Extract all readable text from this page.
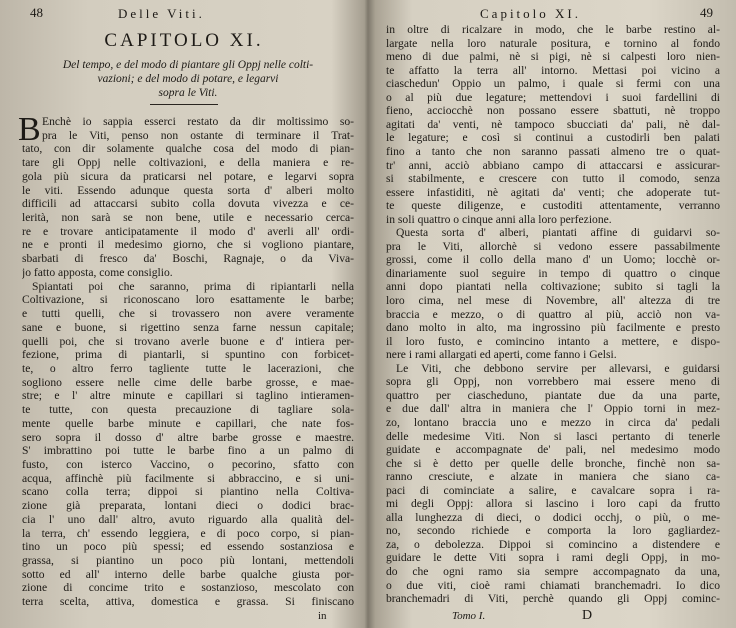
48	Delle Viti.
CAPITOLO XI.
Del tempo, e del modo di piantare gli Oppj nelle colti-
vazioni; e del modo di potare, e legarvi
sopra le Viti.
B Enchè io sappia esserci restato da dir moltissimo so-
pra le Viti, penso non ostante di terminare il Trat-
tato, con dir solamente qualche cosa del modo di pian-
tare gli Oppj nelle coltivazioni, e della maniera e re-
gola più sicura da praticarsi nel potare, e legarvi sopra
le viti. Essendo adunque questa sorta d' alberi molto
difficili ad attaccarsi subito colla dovuta vivezza e ce-
lerità, non sarà se non bene, utile e necessario cerca-
re e trovare anticipatamente il modo d' averli all' ordi-
ne e pronti il medesimo giorno, che si vogliono piantare,
sbarbati di fresco da' Boschi, Ragnaje, o da Viva-
jo fatto apposta, come consiglio.
Spiantati poi che saranno, prima di ripiantarli nella
Coltivazione, si riconoscano loro esattamente le barbe;
e tutti quelli, che si trovassero non avere veramente
sane e buone, si rigettino senza farne nessun capitale;
quelli poi, che si trovano averle buone e d' intiera per-
fezione, prima di piantarli, si spuntino con forbicet-
te, o altro ferro tagliente tutte le lacerazioni, che
sogliono essere nelle cime delle barbe grosse, e mae-
stre; e l' altre minute e capillari si taglino intieramen-
te tutte, con questa precauzione di tagliare sola-
mente quelle barbe minute e capillari, che nate fos-
sero sopra il dosso d' altre barbe grosse e maestre.
S' imbrattino poi tutte le barbe fino a un palmo di
fusto, con isterco Vaccino, o pecorino, sfatto con
acqua, affinchè più facilmente si abbraccino, e si uni-
scano colla terra; dippoi si piantino nella Coltiva-
zione già preparata, lontani dieci o dodici brac-
cia l' uno dall' altro, avuto riguardo alla qualità del-
la terra, ch' essendo leggiera, e di poco corpo, si pian-
tino un poco più spessi; ed essendo sostanziosa e
grassa, si piantino un poco più lontani, mettendoli
sotto ed all' interno delle barbe qualche giusta por-
zione di concime trito e sostanzioso, mescolato con
terra scelta, attiva, domestica e grassa. Si finiscano
in
Capitolo XI.	49
in oltre di ricalzare in modo, che le barbe restino al-
largate nella loro naturale positura, e tornino al fondo
meno di due palmi, nè si pigi, nè si calpesti loro nien-
te affatto la terra all' intorno. Mettasi poi vicino a
ciaschedun' Oppio un palmo, i quale si fermi con una
o al più due legature; mettendovi i suoi fardellini di
fieno, acciocchè non possano essere sbattuti, nè troppo
agitati da' venti, nè tampoco sbucciati da' pali, nè dal-
le legature; e così si continui a custodirli ben palati
fino a tanto che non saranno passati almeno tre o quat-
tr' anni, acciò abbiano campo di attaccarsi e assicurar-
si stabilmente, e crescere con tutto il comodo, senza
essere infastiditi, nè agitati da' venti; che adoperate tut-
te queste diligenze, e custoditi attentamente, verranno
in soli quattro o cinque anni alla loro perfezione.
Questa sorta d' alberi, piantati affine di guidarvi so-
pra le Viti, allorchè si vedono essere passabilmente
grossi, come il collo della mano d' un Uomo; locchè or-
dinariamente suol seguire in tempo di quattro o cinque
anni dopo piantati nella coltivazione; subito si tagli la
loro cima, nel mese di Novembre, all' altezza di tre
braccia e mezzo, o di quattro al più, acciò non va-
dano molto in alto, ma ingrossino più facilmente e presto
il loro fusto, e comincino intanto a mettere, e dispo-
nere i rami allargati ed aperti, come fanno i Gelsi.
Le Viti, che debbono servire per allevarsi, e guidarsi
sopra gli Oppj, non vorrebbero mai essere meno di
quattro per ciascheduno, piantate due da una parte,
e due dall' altra in maniera che l' Oppio torni in mez-
zo, lontano braccia uno e mezzo in circa da' pedali
delle medesime Viti. Non si lasci pertanto di tenerle
guidate e accompagnate de' pali, nel medesimo modo
che si è detto per quelle delle bronche, finchè non sa-
ranno cresciute, e alzate in maniera che siano ca-
paci di cominciate a salire, e cavalcare sopra i ra-
mi degli Oppj: allora si lascino i loro capi da frutto
alla lunghezza di dieci, o dodici occhj, o più, o me-
no, secondo richiede e comporta la loro gagliardez-
za, o debolezza. Dippoi si comincino a distendere e
guidare le dette Viti sopra i rami degli Oppj, in mo-
do che ogni ramo sia sempre accompagnato da una,
o due viti, cioè rami chiamati branchemadri. Io dico
branchemadri di Viti, perchè quando gli Oppj cominc-
Tomo I.	D
